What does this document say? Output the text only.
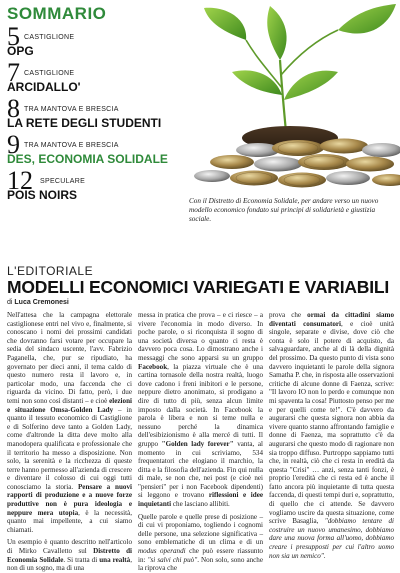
SOMMARIO
5 CASTIGLIONE
OPG
7 CASTIGLIONE
ARCIDALLO'
8 TRA MANTOVA E BRESCIA
LA RETE DEGLI STUDENTI
9 TRA MANTOVA E BRESCIA
DES, ECONOMIA SOLIDALE
12 SPECULARE
POIS NOIRS	Con il Distretto di Economia Solidale, per andare verso un nuovo modello economico fondato sui principi di solidarietà e giustizia sociale.
L'EDITORIALE
MODELLI ECONOMICI VARIEGATI E VARIABILI
di Luca Cremonesi

Nell'attesa che la campagna elettorale castiglionese entri nel vivo e, finalmente, si conoscano i nomi dei prossimi candidati che dovranno farsi votare per occupare la sedia del sindaco uscente, l'avv. Fabrizio Paganella, che, pur se ripudiato, ha governato per dieci anni, il tema caldo di questo numero resta il lavoro e, in particolar modo, una faccenda che ci riguarda da vicino. Di fatto, però, i due temi non sono così distanti – e cioè elezioni e situazione Omsa-Golden Lady – in quanto il tessuto economico di Castiglione e di Solferino deve tanto a Golden Lady, come d'altronde la ditta deve molto alla manodopera qualificata e professionale che il territorio ha messo a disposizione. Non solo, la serenità e la ricchezza di queste terre hanno permesso all'azienda di crescere e diventare il colosso di cui oggi tutti conosciamo la storia. Pensare a nuovi rapporti di produzione e a nuove forze produttive non è pura ideologia e neppure mera utopia, è la necessità, quanto mai impellente, a cui siamo chiamati.

Un esempio è quanto descritto nell'articolo di Mirko Cavalletto sul Distretto di Economia Solidale. Si tratta di una realtà, non di un sogno, ma di una

messa in pratica che prova – e ci riesce – a vivere l'economia in modo diverso. In poche parole, o si riconquista il sogno di una società diversa o quanto ci resta è davvero poca cosa. Lo dimostrano anche i messaggi che sono apparsi su un gruppo Facebook, la piazza virtuale che è una cartina tornasole della nostra realtà, luogo dove cadono i freni inibitori e le persone, neppure dietro anonimato, si prodigano a dire di tutto di più, senza alcun limite imposto dalla società. In Facebook la parola è libera e non si teme nulla e nessuno perché la dinamica dell'esibizionismo è alla mercé di tutti. Il gruppo "Golden lady forever" vanta, al momento in cui scriviamo, 534 frequentatori che elogiano il marchio, la ditta e la filosofia dell'azienda. Fin qui nulla di male, se non che, nei post (e cioè nei "pensieri" per i non Facebook dipendenti) si leggono e trovano riflessioni e idee inquietanti che lasciano allibiti.

Quelle parole e quelle prese di posizione – di cui vi proponiamo, togliendo i cognomi delle persone, una selezione significativa – sono emblematiche di un clima e di un modus operandi che può essere riassunto in: "si salvi chi può". Non solo, sono anche la riprova che

prova che ormai da cittadini siamo diventati consumatori, e cioè unità singole, separate e divise, dove ciò che conta è solo il potere di acquisto, da salvaguardare, anche al di là della dignità del prossimo. Da questo punto di vista sono davvero inquietanti le parole della signora Samatha P. che, in risposta alle osservazioni critiche di alcune donne di Faenza, scrive: "Il lavoro IO non lo perdo e comunque non mi spaventa la cosa! Piuttosto penso per me e per quelli come te!". C'è davvero da augurarsi che questa signora non abbia da vivere quanto stanno affrontando famiglie e donne di Faenza, ma soprattutto c'è da augurarsi che questo modo di ragionare non sia troppo diffuso. Purtroppo sappiamo tutti che, in realtà, ciò che ci resta in eredità da questa "Crisi" … anzi, senza tanti fonzi, è proprio l'eredità che ci resta ed è anche il fatto ancora più inquietante di tutta questa faccenda, di questi tempi duri e, soprattutto, di quello che ci attende. Se davvero vogliamo uscire da questa situazione, come scrive Basaglia, "dobbiamo tentare di costruire un nuovo umanesimo, dobbiamo dare una nuova forma all'uomo, dobbiamo creare i presupposti per cui l'altro uomo non sia un nemico".
